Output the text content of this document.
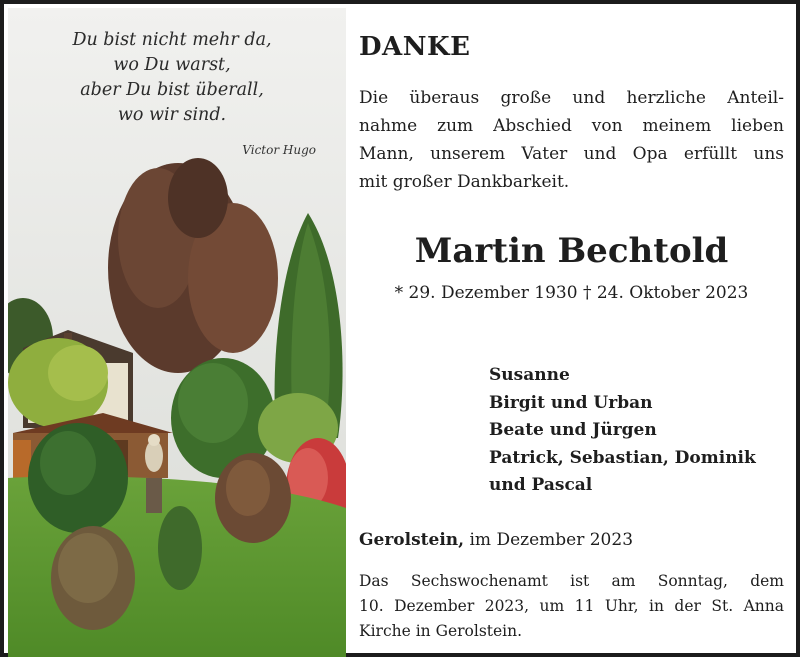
Du bist nicht mehr da,
wo Du warst,
aber Du bist überall,
wo wir sind.
Victor Hugo
DANKE
Die überaus große und herzliche Anteil-
nahme zum Abschied von meinem lieben
Mann, unserem Vater und Opa erfüllt uns
mit großer Dankbarkeit.
Martin Bechtold
* 29. Dezember 1930 † 24. Oktober 2023
Susanne
Birgit und Urban
Beate und Jürgen
Patrick, Sebastian, Dominik
und Pascal
Gerolstein, im Dezember 2023
Das Sechswochenamt ist am Sonntag, dem
10. Dezember 2023, um 11 Uhr, in der St. Anna
Kirche in Gerolstein.
